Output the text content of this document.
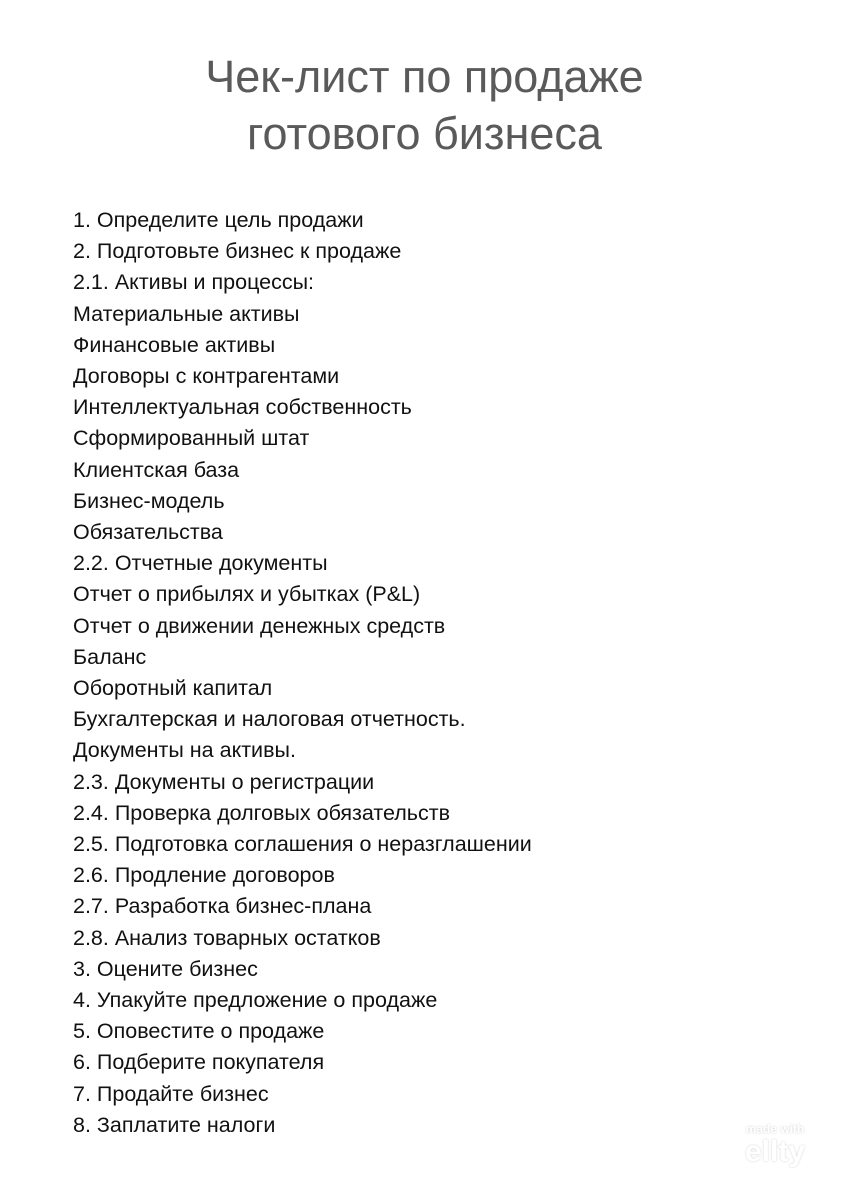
Чек-лист по продаже
готового бизнеса
1. Определите цель продажи
2. Подготовьте бизнес к продаже
2.1. Активы и процессы:
Материальные активы
Финансовые активы
Договоры с контрагентами
Интеллектуальная собственность
Сформированный штат
Клиентская база
Бизнес-модель
Обязательства
2.2. Отчетные документы
Отчет о прибылях и убытках (P&L)
Отчет о движении денежных средств
Баланс
Оборотный капитал
Бухгалтерская и налоговая отчетность.
Документы на активы.
2.3. Документы о регистрации
2.4. Проверка долговых обязательств
2.5. Подготовка соглашения о неразглашении
2.6. Продление договоров
2.7. Разработка бизнес-плана
2.8. Анализ товарных остатков
3. Оцените бизнес
4. Упакуйте предложение о продаже
5. Оповестите о продаже
6. Подберите покупателя
7. Продайте бизнес
8. Заплатите налоги	made with
ellty
